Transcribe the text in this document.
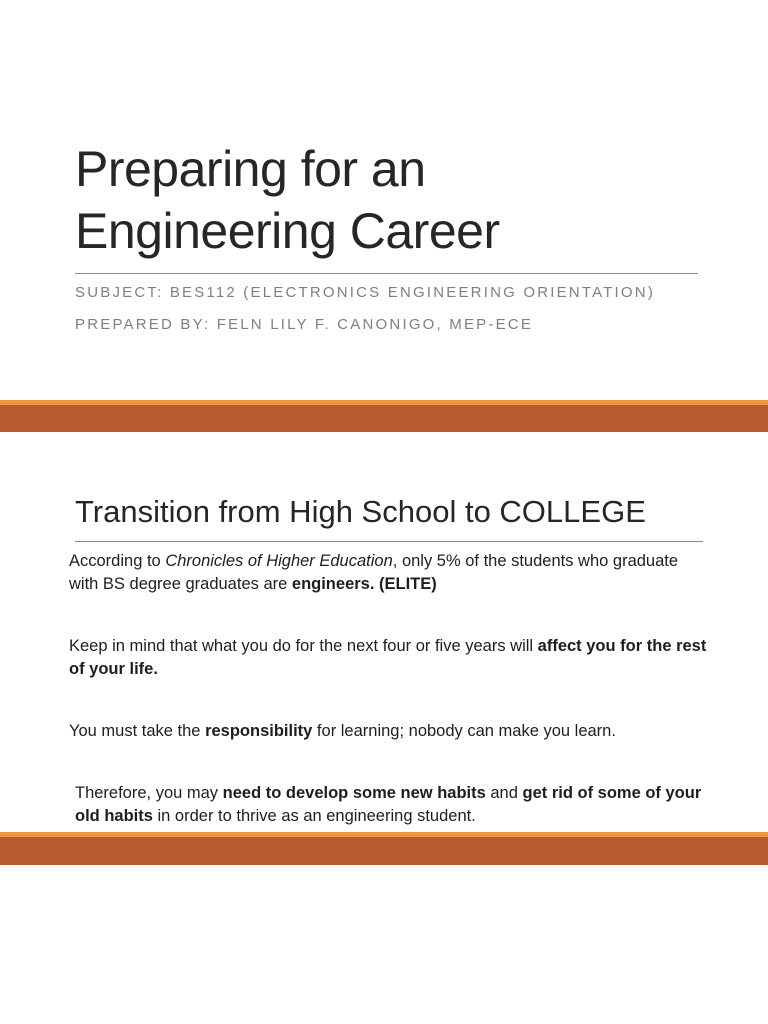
Preparing for an
Engineering Career

SUBJECT: BES112 (ELECTRONICS ENGINEERING ORIENTATION)

PREPARED BY: FELN LILY F. CANONIGO, MEP-ECE

Transition from High School to COLLEGE

According to Chronicles of Higher Education, only 5% of the students who graduate with BS degree graduates are engineers. (ELITE)

Keep in mind that what you do for the next four or five years will affect you for the rest of your life.

You must take the responsibility for learning; nobody can make you learn.

Therefore, you may need to develop some new habits and get rid of some of your old habits in order to thrive as an engineering student.
